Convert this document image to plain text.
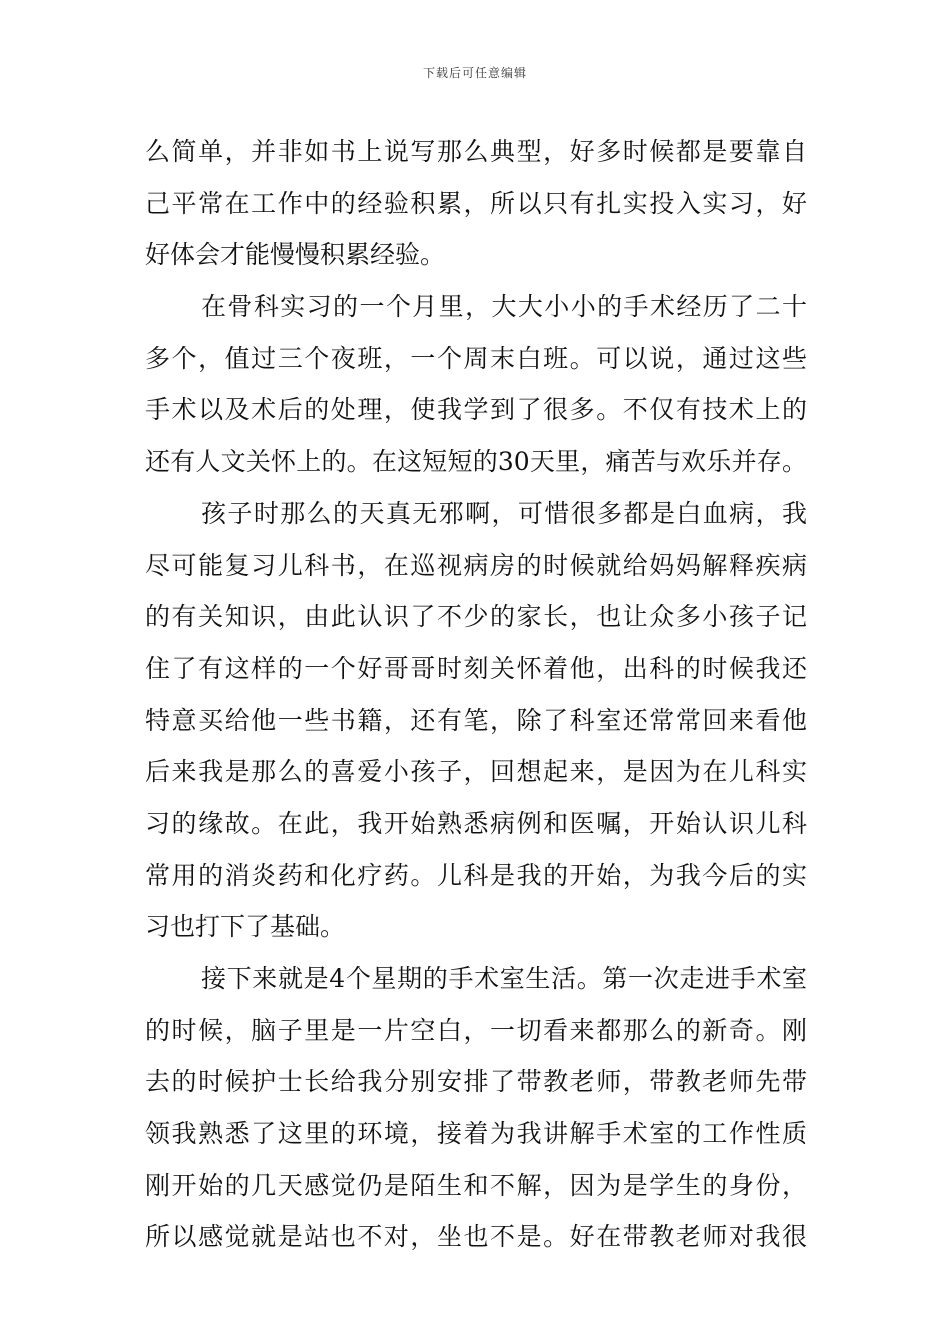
下载后可任意编辑
么简单，并非如书上说写那么典型，好多时候都是要靠自
己平常在工作中的经验积累，所以只有扎实投入实习，好
好体会才能慢慢积累经验。
在骨科实习的一个月里，大大小小的手术经历了二十
多个，值过三个夜班，一个周末白班。可以说，通过这些
手术以及术后的处理，使我学到了很多。不仅有技术上的
还有人文关怀上的。在这短短的30天里，痛苦与欢乐并存。
孩子时那么的天真无邪啊，可惜很多都是白血病，我
尽可能复习儿科书，在巡视病房的时候就给妈妈解释疾病
的有关知识，由此认识了不少的家长，也让众多小孩子记
住了有这样的一个好哥哥时刻关怀着他，出科的时候我还
特意买给他一些书籍，还有笔，除了科室还常常回来看他
后来我是那么的喜爱小孩子，回想起来，是因为在儿科实
习的缘故。在此，我开始熟悉病例和医嘱，开始认识儿科
常用的消炎药和化疗药。儿科是我的开始，为我今后的实
习也打下了基础。
接下来就是4个星期的手术室生活。第一次走进手术室
的时候，脑子里是一片空白，一切看来都那么的新奇。刚
去的时候护士长给我分别安排了带教老师，带教老师先带
领我熟悉了这里的环境，接着为我讲解手术室的工作性质
刚开始的几天感觉仍是陌生和不解，因为是学生的身份，
所以感觉就是站也不对，坐也不是。好在带教老师对我很
